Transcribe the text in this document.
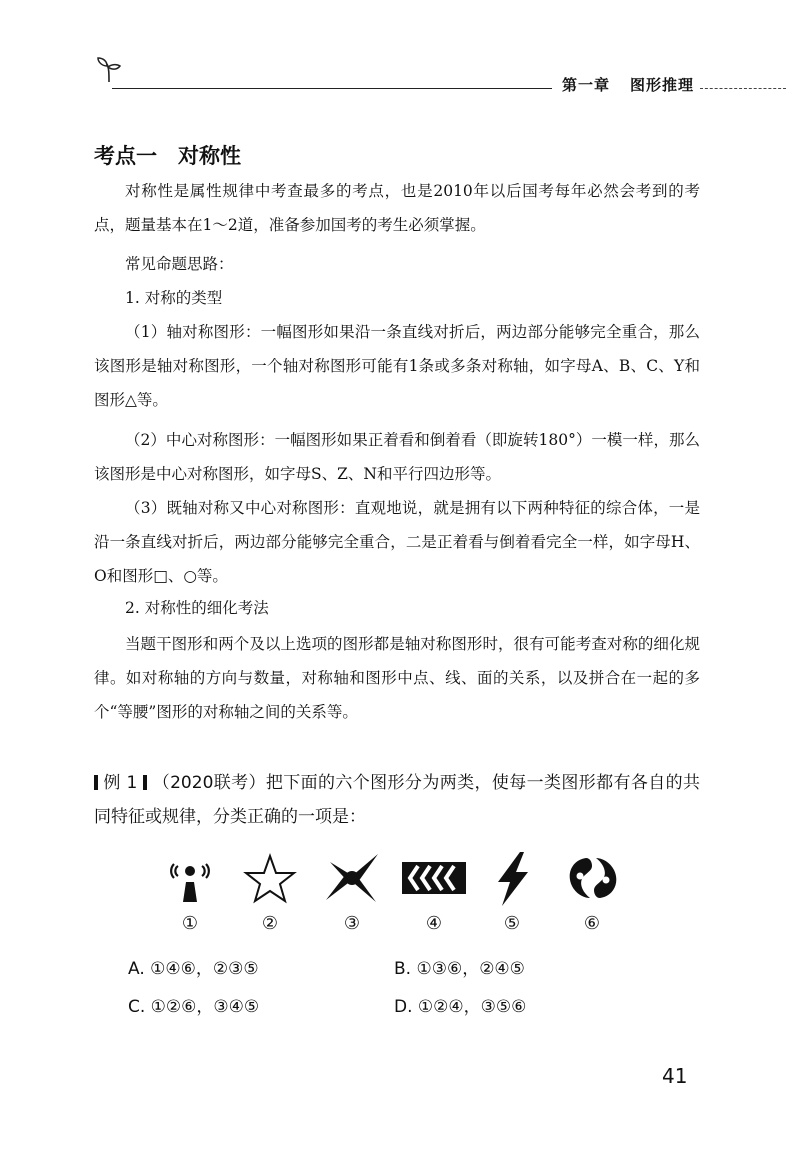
第一章 图形推理
考点一　对称性
对称性是属性规律中考查最多的考点，也是2010年以后国考每年必然会考到的考点，题量基本在1～2道，准备参加国考的考生必须掌握。
常见命题思路：
1. 对称的类型
（1）轴对称图形：一幅图形如果沿一条直线对折后，两边部分能够完全重合，那么该图形是轴对称图形，一个轴对称图形可能有1条或多条对称轴，如字母A、B、C、Y和图形△等。
（2）中心对称图形：一幅图形如果正着看和倒着看（即旋转180°）一模一样，那么该图形是中心对称图形，如字母S、Z、N和平行四边形等。
（3）既轴对称又中心对称图形：直观地说，就是拥有以下两种特征的综合体，一是沿一条直线对折后，两边部分能够完全重合，二是正着看与倒着看完全一样，如字母H、O和图形□、○等。
2. 对称性的细化考法
当题干图形和两个及以上选项的图形都是轴对称图形时，很有可能考查对称的细化规律。如对称轴的方向与数量，对称轴和图形中点、线、面的关系，以及拼合在一起的多个“等腰”图形的对称轴之间的关系等。
例 1 （2020联考）把下面的六个图形分为两类，使每一类图形都有各自的共同特征或规律，分类正确的一项是：
①	②	③	④	⑤	⑥
A. ①④⑥，②③⑤	B. ①③⑥，②④⑤
C. ①②⑥，③④⑤	D. ①②④，③⑤⑥
41
